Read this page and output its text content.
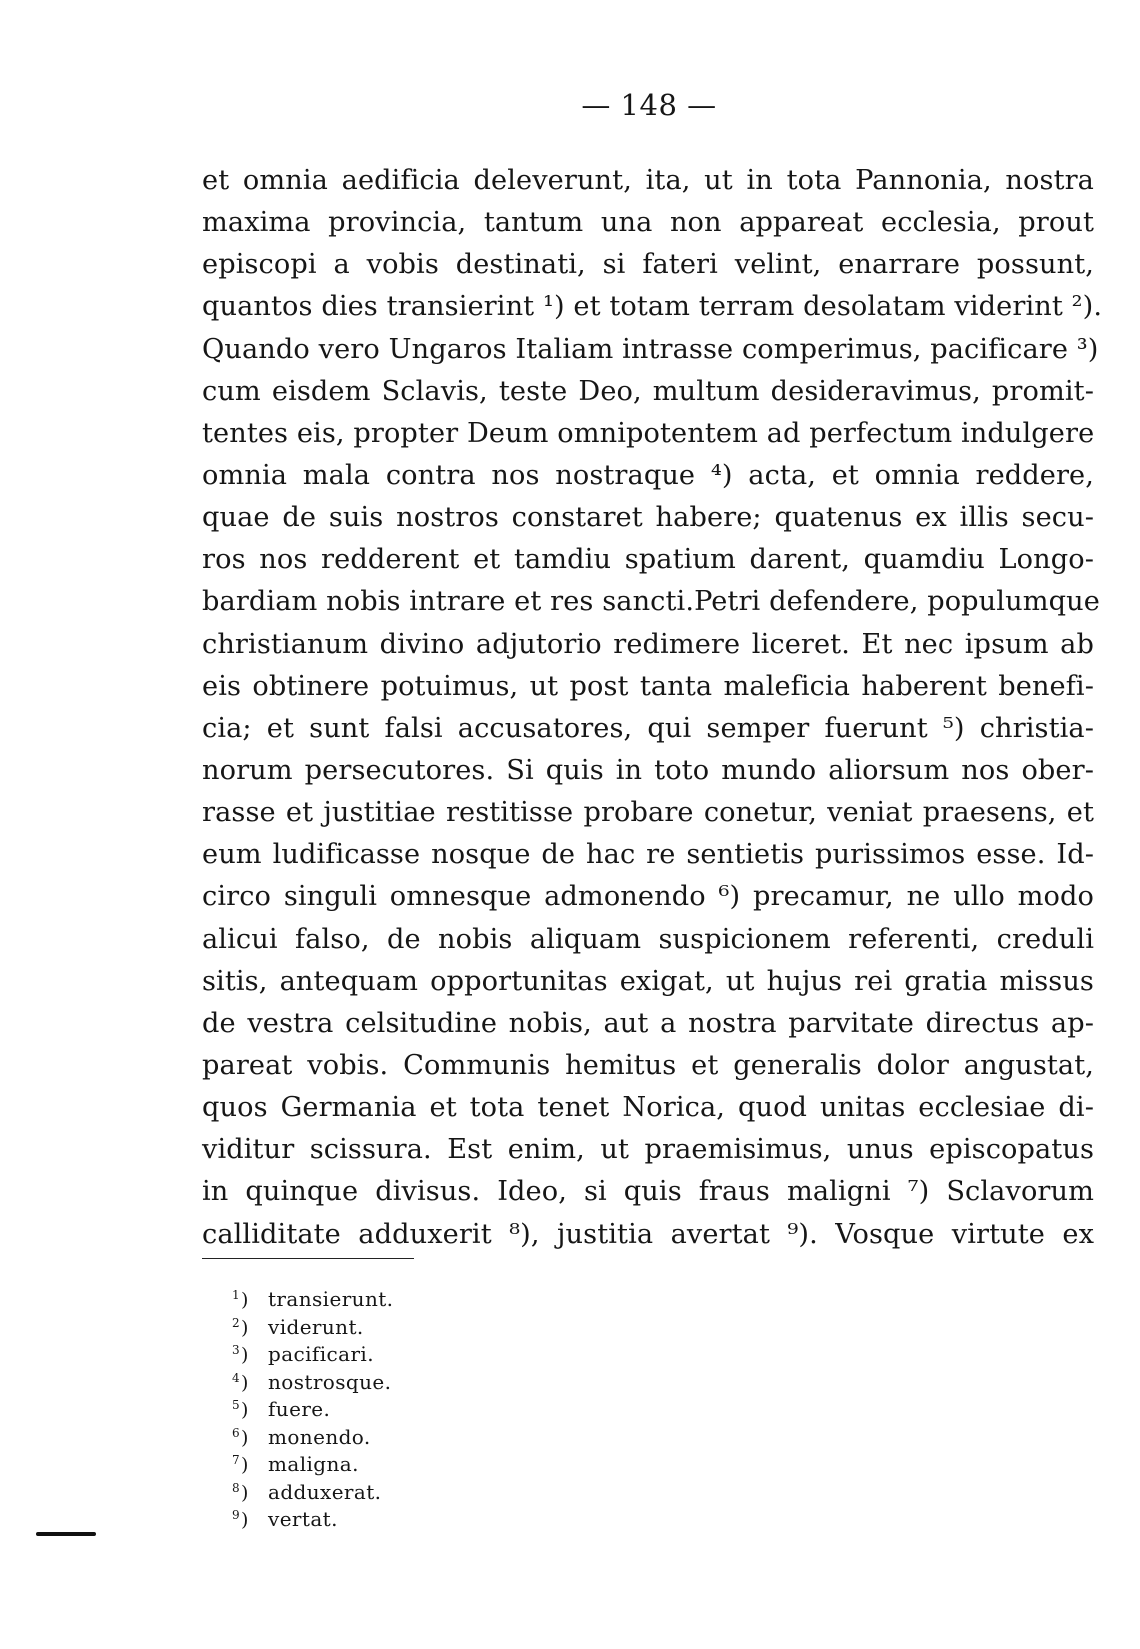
— 148 —
et omnia aedificia deleverunt, ita, ut in tota Pannonia, nostra
maxima provincia, tantum una non appareat ecclesia, prout
episcopi a vobis destinati, si fateri velint, enarrare possunt,
quantos dies transierint ¹) et totam terram desolatam viderint ²).
Quando vero Ungaros Italiam intrasse comperimus, pacificare ³)
cum eisdem Sclavis, teste Deo, multum desideravimus, promit-
tentes eis, propter Deum omnipotentem ad perfectum indulgere
omnia mala contra nos nostraque ⁴) acta, et omnia reddere,
quae de suis nostros constaret habere; quatenus ex illis secu-
ros nos redderent et tamdiu spatium darent, quamdiu Longo-
bardiam nobis intrare et res sancti.Petri defendere, populumque
christianum divino adjutorio redimere liceret. Et nec ipsum ab
eis obtinere potuimus, ut post tanta maleficia haberent benefi-
cia; et sunt falsi accusatores, qui semper fuerunt ⁵) christia-
norum persecutores. Si quis in toto mundo aliorsum nos ober-
rasse et justitiae restitisse probare conetur, veniat praesens, et
eum ludificasse nosque de hac re sentietis purissimos esse. Id-
circo singuli omnesque admonendo ⁶) precamur, ne ullo modo
alicui falso, de nobis aliquam suspicionem referenti, creduli
sitis, antequam opportunitas exigat, ut hujus rei gratia missus
de vestra celsitudine nobis, aut a nostra parvitate directus ap-
pareat vobis. Communis hemitus et generalis dolor angustat,
quos Germania et tota tenet Norica, quod unitas ecclesiae di-
viditur scissura. Est enim, ut praemisimus, unus episcopatus
in quinque divisus. Ideo, si quis fraus maligni ⁷) Sclavorum
calliditate adduxerit ⁸), justitia avertat ⁹). Vosque virtute ex
$^1$) transierunt.
$^2$) viderunt.
$^3$) pacificari.
$^4$) nostrosque.
$^5$) fuere.
$^6$) monendo.
$^7$) maligna.
$^8$) adduxerat.
$^9$) vertat.
